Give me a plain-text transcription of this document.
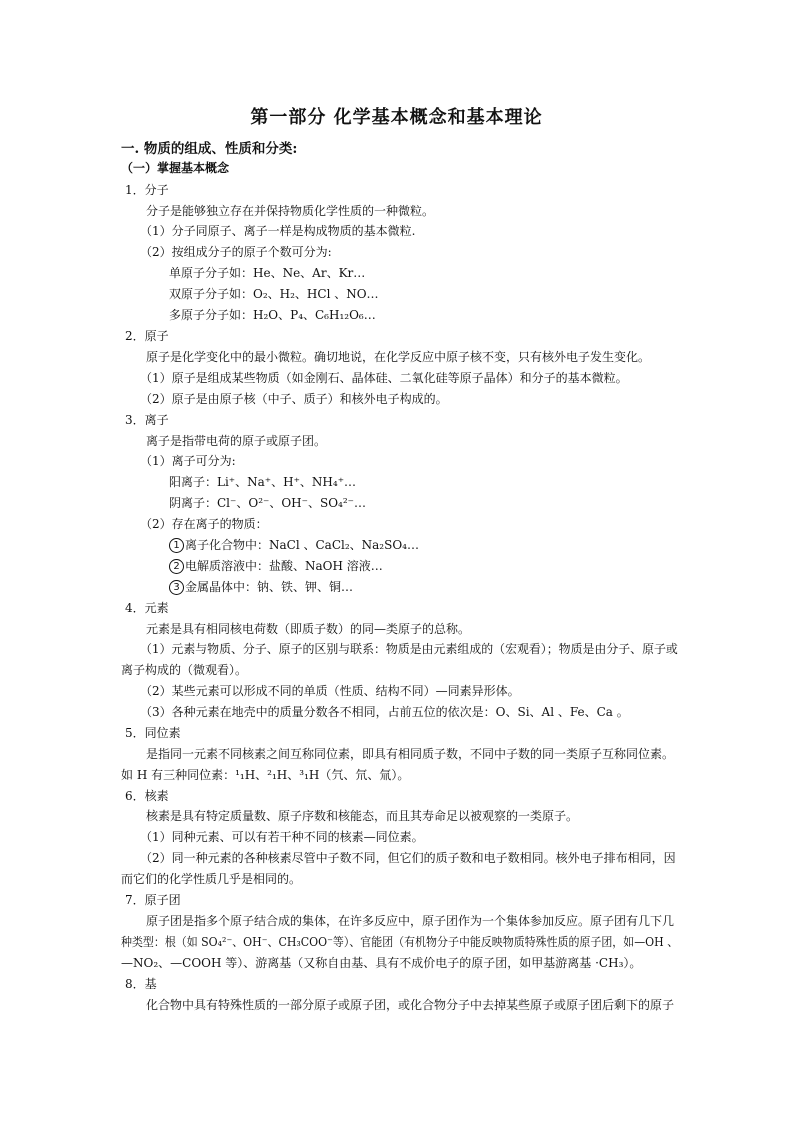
第一部分 化学基本概念和基本理论
一. 物质的组成、性质和分类:
（一）掌握基本概念
1．分子
分子是能够独立存在并保持物质化学性质的一种微粒。
（1）分子同原子、离子一样是构成物质的基本微粒.
（2）按组成分子的原子个数可分为:
单原子分子如：He、Ne、Ar、Kr…
双原子分子如：O₂、H₂、HCl 、NO…
多原子分子如：H₂O、P₄、C₆H₁₂O₆…
2．原子
原子是化学变化中的最小微粒。确切地说，在化学反应中原子核不变，只有核外电子发生变化。
（1）原子是组成某些物质（如金刚石、晶体硅、二氧化硅等原子晶体）和分子的基本微粒。
（2）原子是由原子核（中子、质子）和核外电子构成的。
3．离子
离子是指带电荷的原子或原子团。
（1）离子可分为:
阳离子：Li⁺、Na⁺、H⁺、NH₄⁺…
阴离子：Cl⁻、O²⁻、OH⁻、SO₄²⁻…
（2）存在离子的物质：
1 离子化合物中：NaCl 、CaCl₂、Na₂SO₄…
2 电解质溶液中：盐酸、NaOH 溶液…
3 金属晶体中：钠、铁、钾、铜…
4．元素
元素是具有相同核电荷数（即质子数）的同—类原子的总称。
（1）元素与物质、分子、原子的区别与联系：物质是由元素组成的（宏观看）；物质是由分子、原子或
离子构成的（微观看）。
（2）某些元素可以形成不同的单质（性质、结构不同）—同素异形体。
（3）各种元素在地壳中的质量分数各不相同，占前五位的依次是：O、Si、Al 、Fe、Ca 。
5．同位素
是指同一元素不同核素之间互称同位素，即具有相同质子数，不同中子数的同一类原子互称同位素。
如 H 有三种同位素：¹₁H、²₁H、³₁H（氕、氘、氚）。
6．核素
核素是具有特定质量数、原子序数和核能态，而且其寿命足以被观察的一类原子。
（1）同种元素、可以有若干种不同的核素—同位素。
（2）同一种元素的各种核素尽管中子数不同，但它们的质子数和电子数相同。核外电子排布相同，因
而它们的化学性质几乎是相同的。
7．原子团
原子团是指多个原子结合成的集体，在许多反应中，原子团作为一个集体参加反应。原子团有几下几
种类型：根（如 SO₄²⁻、OH⁻、CH₃COO⁻等）、官能团（有机物分子中能反映物质特殊性质的原子团，如—OH 、
—NO₂、—COOH 等）、游离基（又称自由基、具有不成价电子的原子团，如甲基游离基 ·CH₃）。
8．基
化合物中具有特殊性质的一部分原子或原子团，或化合物分子中去掉某些原子或原子团后剩下的原子
